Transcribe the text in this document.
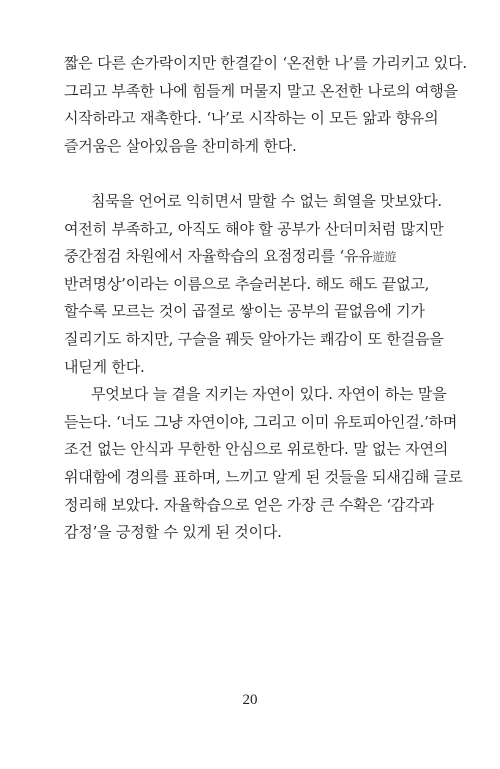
짧은 다른 손가락이지만 한결같이 ‘온전한 나’를 가리키고 있다.
그리고 부족한 나에 힘들게 머물지 말고 온전한 나로의 여행을
시작하라고 재촉한다. ‘나’로 시작하는 이 모든 앎과 향유의
즐거움은 살아있음을 찬미하게 한다.

침묵을 언어로 익히면서 말할 수 없는 희열을 맛보았다.
여전히 부족하고, 아직도 해야 할 공부가 산더미처럼 많지만
중간점검 차원에서 자율학습의 요점정리를 ‘유유遊遊
반려명상’이라는 이름으로 추슬러본다. 해도 해도 끝없고,
할수록 모르는 것이 곱절로 쌓이는 공부의 끝없음에 기가
질리기도 하지만, 구슬을 꿰듯 알아가는 쾌감이 또 한걸음을
내딛게 한다.

무엇보다 늘 곁을 지키는 자연이 있다. 자연이 하는 말을
듣는다. ‘너도 그냥 자연이야, 그리고 이미 유토피아인걸.’하며
조건 없는 안식과 무한한 안심으로 위로한다. 말 없는 자연의
위대함에 경의를 표하며, 느끼고 알게 된 것들을 되새김해 글로
정리해 보았다. 자율학습으로 얻은 가장 큰 수확은 ‘감각과
감정’을 긍정할 수 있게 된 것이다.

20
